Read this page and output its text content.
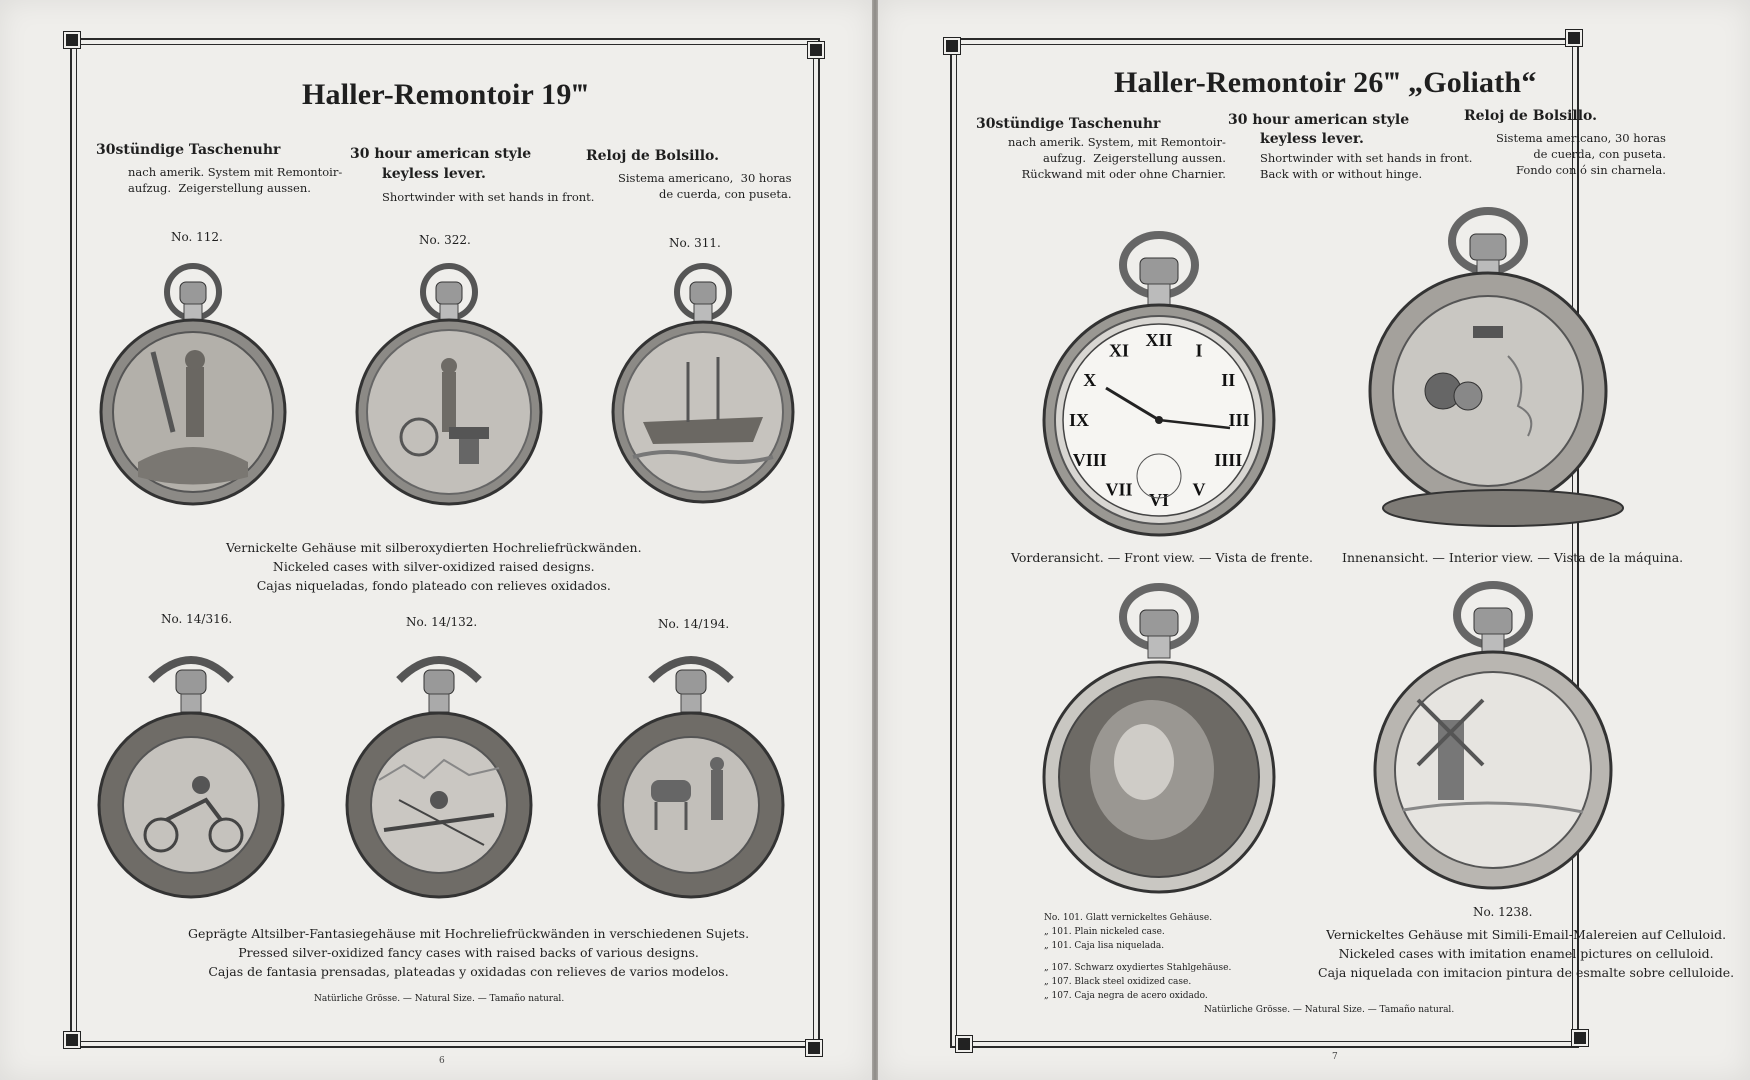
Haller-Remontoir 19‴
30stündige Taschenuhr
nach amerik. System mit Remontoir-
aufzug.  Zeigerstellung aussen.
30 hour american style
keyless lever.
Shortwinder with set hands in front.
Reloj de Bolsillo.
Sistema americano,  30 horas
de cuerda, con puseta.
No. 112.	No. 322.	No. 311.
Vernickelte Gehäuse mit silberoxydierten Hochreliefrückwänden.
Nickeled cases with silver-oxidized raised designs.
Cajas niqueladas, fondo plateado con relieves oxidados.
No. 14/316.	No. 14/132.	No. 14/194.
Geprägte Altsilber-Fantasiegehäuse mit Hochreliefrückwänden in verschiedenen Sujets.
Pressed silver-oxidized fancy cases with raised backs of various designs.
Cajas de fantasia prensadas, plateadas y oxidadas con relieves de varios modelos.
Natürliche Grösse. — Natural Size. — Tamaño natural.
6
Haller-Remontoir 26‴ „Goliath“
30stündige Taschenuhr
nach amerik. System, mit Remontoir-
aufzug.  Zeigerstellung aussen.
Rückwand mit oder ohne Charnier.
30 hour american style
keyless lever.
Shortwinder with set hands in front.
Back with or without hinge.
Reloj de Bolsillo.
Sistema americano, 30 horas
de cuerda, con puseta.
Fondo con ó sin charnela.
XII
I
II
III
IIII
V
VI
VII
VIII
IX
X
XI
Vorderansicht. — Front view. — Vista de frente. Innenansicht. — Interior view. — Vista de la máquina.
No. 101. Glatt vernickeltes Gehäuse.
„ 101. Plain nickeled case.
„ 101. Caja lisa niquelada.
„ 107. Schwarz oxydiertes Stahlgehäuse.
„ 107. Black steel oxidized case.
„ 107. Caja negra de acero oxidado.
No. 1238.
Vernickeltes Gehäuse mit Simili-Email-Malereien auf Celluloid.
Nickeled cases with imitation enamel pictures on celluloid.
Caja niquelada con imitacion pintura de esmalte sobre celluloide.
Natürliche Grösse. — Natural Size. — Tamaño natural.
7
